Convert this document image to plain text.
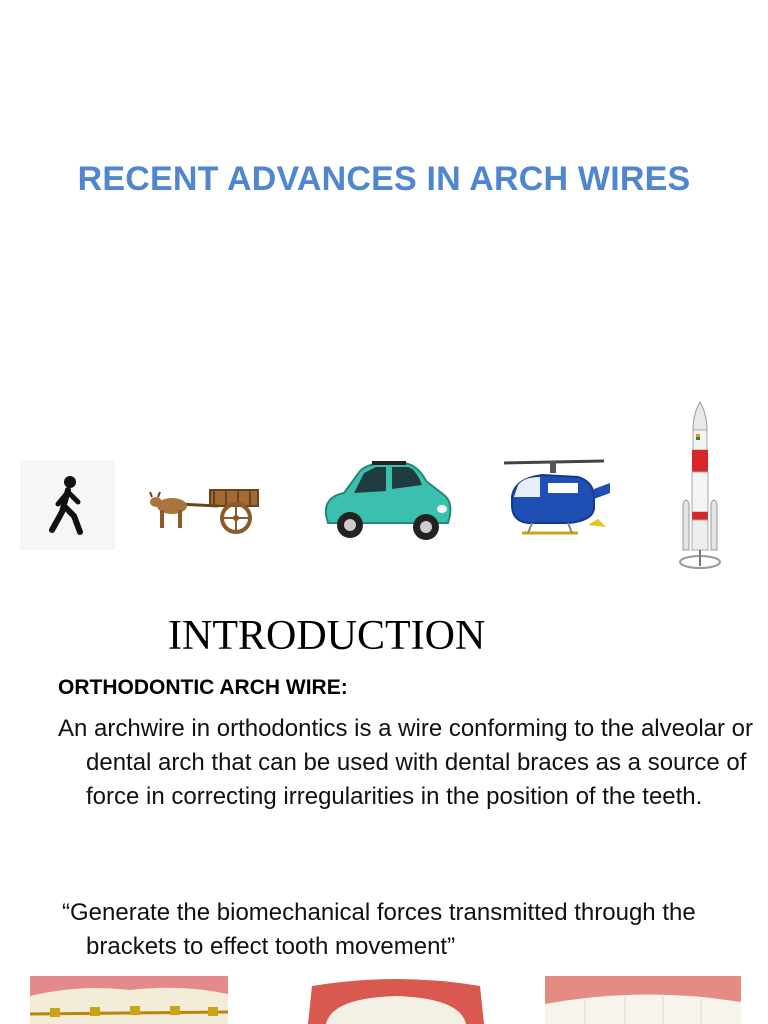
RECENT ADVANCES IN ARCH WIRES
INTRODUCTION
ORTHODONTIC ARCH WIRE:
An archwire in orthodontics is a wire conforming to the alveolar or dental arch that can be used with dental braces as a source of force in correcting irregularities in the position of the teeth.
“Generate the biomechanical forces transmitted through the brackets to effect tooth movement”
